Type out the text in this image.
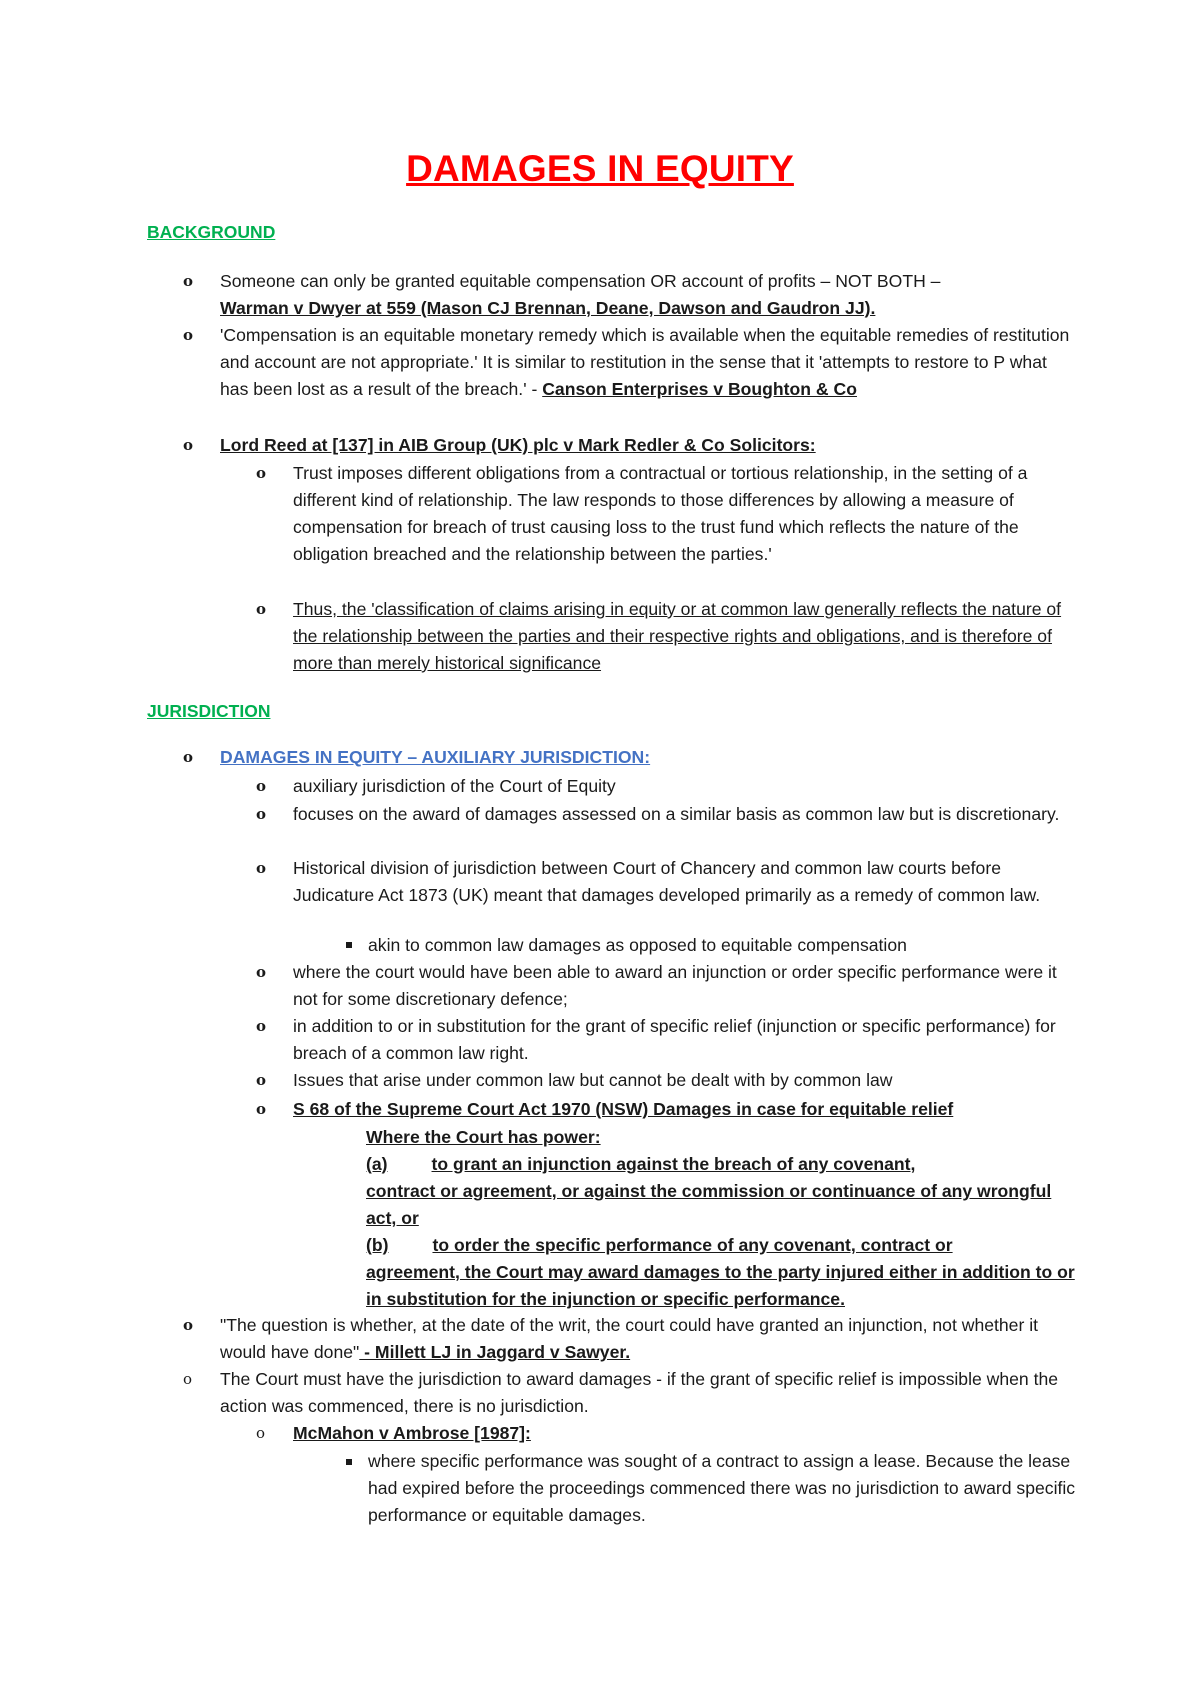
DAMAGES IN EQUITY
BACKGROUND
o Someone can only be granted equitable compensation OR account of profits – NOT BOTH –
Warman v Dwyer at 559 (Mason CJ Brennan, Deane, Dawson and Gaudron JJ).
o 'Compensation is an equitable monetary remedy which is available when the equitable remedies of restitution and account are not appropriate.' It is similar to restitution in the sense that it 'attempts to restore to P what has been lost as a result of the breach.' - Canson Enterprises v Boughton & Co
o Lord Reed at [137] in AIB Group (UK) plc v Mark Redler & Co Solicitors:
o Trust imposes different obligations from a contractual or tortious relationship, in the setting of a different kind of relationship. The law responds to those differences by allowing a measure of compensation for breach of trust causing loss to the trust fund which reflects the nature of the obligation breached and the relationship between the parties.'
o Thus, the 'classification of claims arising in equity or at common law generally reflects the nature of the relationship between the parties and their respective rights and obligations, and is therefore of more than merely historical significance
JURISDICTION
o DAMAGES IN EQUITY – AUXILIARY JURISDICTION:
o auxiliary jurisdiction of the Court of Equity
o focuses on the award of damages assessed on a similar basis as common law but is discretionary.
o Historical division of jurisdiction between Court of Chancery and common law courts before Judicature Act 1873 (UK) meant that damages developed primarily as a remedy of common law.
akin to common law damages as opposed to equitable compensation
o where the court would have been able to award an injunction or order specific performance were it not for some discretionary defence;
o in addition to or in substitution for the grant of specific relief (injunction or specific performance) for breach of a common law right.
o Issues that arise under common law but cannot be dealt with by common law
o S 68 of the Supreme Court Act 1970 (NSW) Damages in case for equitable relief
Where the Court has power:
(a)	to grant an injunction against the breach of any covenant,
contract or agreement, or against the commission or continuance of any wrongful act, or
(b)	to order the specific performance of any covenant, contract or
agreement, the Court may award damages to the party injured either in addition to or in substitution for the injunction or specific performance.
o "The question is whether, at the date of the writ, the court could have granted an injunction, not whether it would have done" - Millett LJ in Jaggard v Sawyer.
o The Court must have the jurisdiction to award damages - if the grant of specific relief is impossible when the action was commenced, there is no jurisdiction.
o McMahon v Ambrose [1987]:
where specific performance was sought of a contract to assign a lease. Because the lease had expired before the proceedings commenced there was no jurisdiction to award specific performance or equitable damages.
